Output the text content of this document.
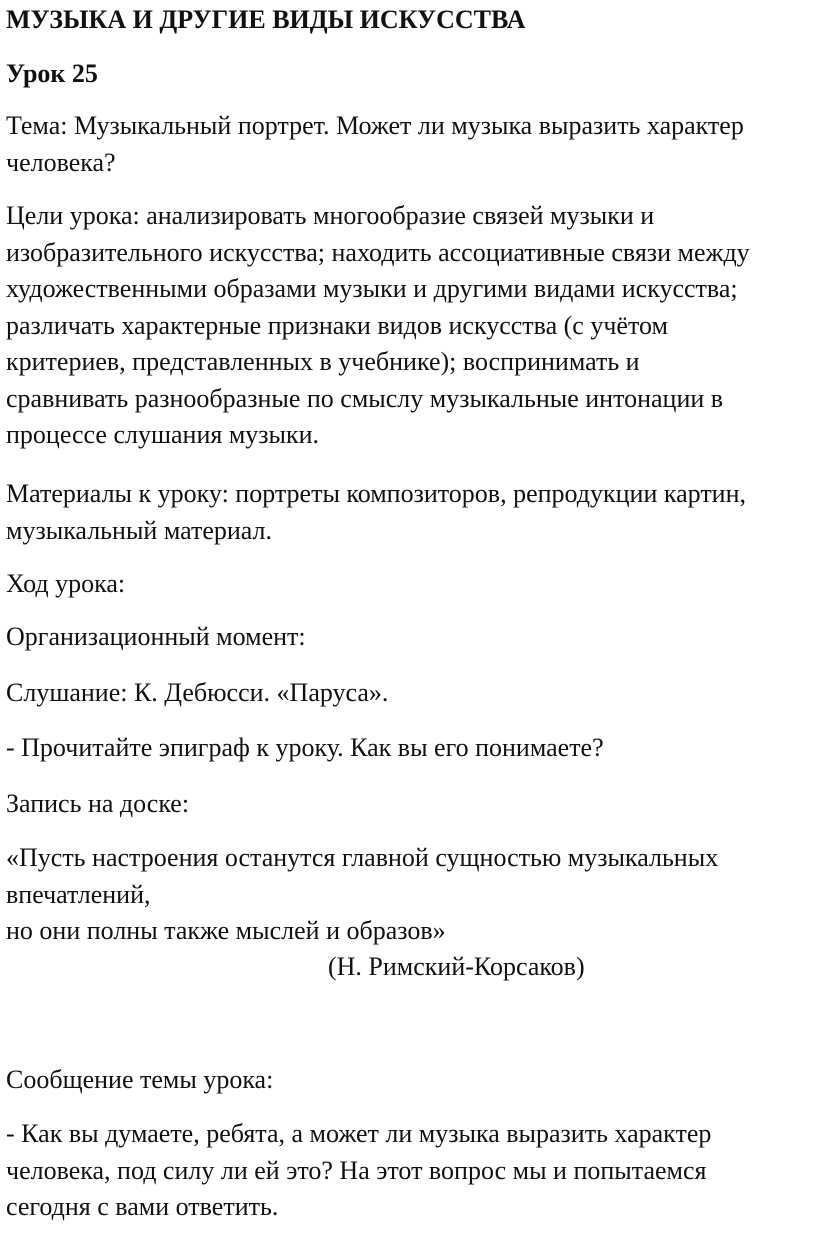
МУЗЫКА И ДРУГИЕ ВИДЫ ИСКУССТВА
Урок 25

Тема: Музыкальный портрет. Может ли музыка выразить характер
человека?

Цели урока: анализировать многообразие связей музыки и
изобразительного искусства; находить ассоциативные связи между
художественными образами музыки и другими видами искусства;
различать характерные признаки видов искусства (с учётом
критериев, представленных в учебнике); воспринимать и
сравнивать разнообразные по смыслу музыкальные интонации в
процессе слушания музыки.

Материалы к уроку: портреты композиторов, репродукции картин,
музыкальный материал.

Ход урока:

Организационный момент:

Слушание: К. Дебюсси. «Паруса».

- Прочитайте эпиграф к уроку. Как вы его понимаете?

Запись на доске:

«Пусть настроения останутся главной сущностью музыкальных
впечатлений,
но они полны также мыслей и образов»

(Н. Римский-Корсаков)

Сообщение темы урока:

- Как вы думаете, ребята, а может ли музыка выразить характер
человека, под силу ли ей это? На этот вопрос мы и попытаемся
сегодня с вами ответить.
